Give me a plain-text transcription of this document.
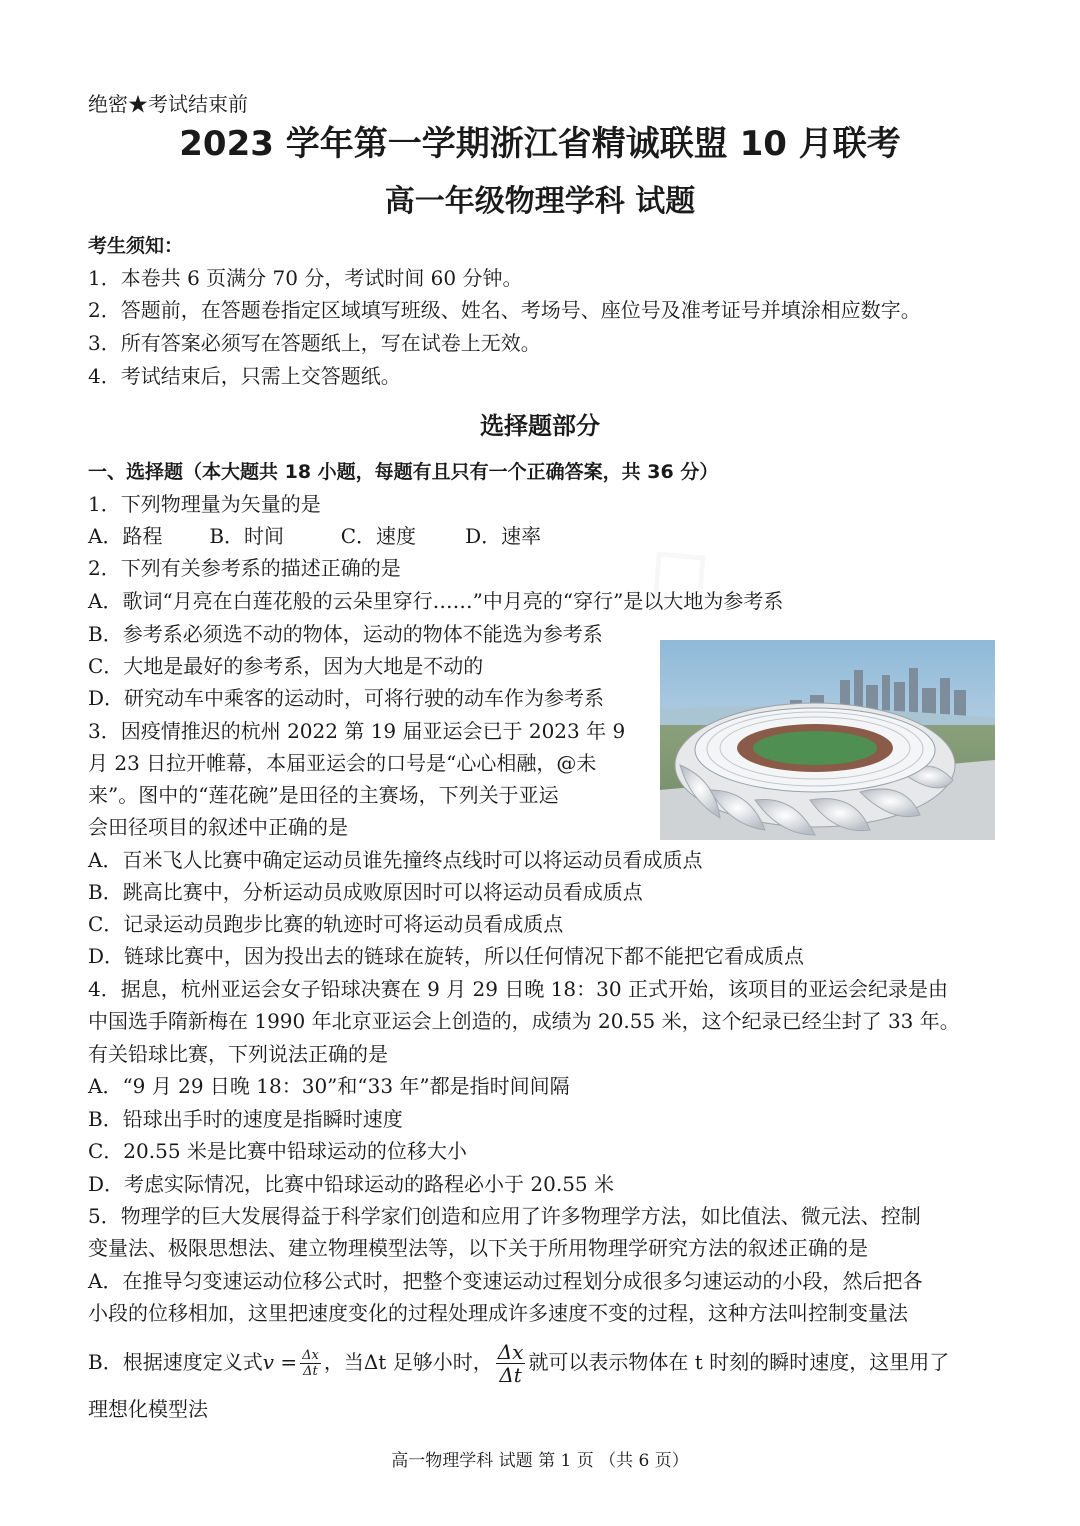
◇
绝密★考试结束前
2023 学年第一学期浙江省精诚联盟 10 月联考
高一年级物理学科 试题
考生须知：
1．本卷共 6 页满分 70 分，考试时间 60 分钟。
2．答题前，在答题卷指定区域填写班级、姓名、考场号、座位号及准考证号并填涂相应数字。
3．所有答案必须写在答题纸上，写在试卷上无效。
4．考试结束后，只需上交答题纸。
选择题部分
一、选择题（本大题共 18 小题，每题有且只有一个正确答案，共 36 分）
1．下列物理量为矢量的是
A．路程 B．时间	C．速度 D．速率
2．下列有关参考系的描述正确的是
A．歌词“月亮在白莲花般的云朵里穿行……”中月亮的“穿行”是以大地为参考系
B．参考系必须选不动的物体，运动的物体不能选为参考系
C．大地是最好的参考系，因为大地是不动的
D．研究动车中乘客的运动时，可将行驶的动车作为参考系
3．因疫情推迟的杭州 2022 第 19 届亚运会已于 2023 年 9
月 23 日拉开帷幕，本届亚运会的口号是“心心相融，@未
来”。图中的“莲花碗”是田径的主赛场，下列关于亚运
会田径项目的叙述中正确的是
A．百米飞人比赛中确定运动员谁先撞终点线时可以将运动员看成质点
B．跳高比赛中，分析运动员成败原因时可以将运动员看成质点
C．记录运动员跑步比赛的轨迹时可将运动员看成质点
D．链球比赛中，因为投出去的链球在旋转，所以任何情况下都不能把它看成质点
4．据息，杭州亚运会女子铅球决赛在 9 月 29 日晚 18：30 正式开始，该项目的亚运会纪录是由
中国选手隋新梅在 1990 年北京亚运会上创造的，成绩为 20.55 米，这个纪录已经尘封了 33 年。
有关铅球比赛，下列说法正确的是
A．“9 月 29 日晚 18：30”和“33 年”都是指时间间隔
B．铅球出手时的速度是指瞬时速度
C．20.55 米是比赛中铅球运动的位移大小
D．考虑实际情况，比赛中铅球运动的路程必小于 20.55 米
5．物理学的巨大发展得益于科学家们创造和应用了许多物理学方法，如比值法、微元法、控制
变量法、极限思想法、建立物理模型法等，以下关于所用物理学研究方法的叙述正确的是
A．在推导匀变速运动位移公式时，把整个变速运动过程划分成很多匀速运动的小段，然后把各
小段的位移相加，这里把速度变化的过程处理成许多速度不变的过程，这种方法叫控制变量法
B．根据速度定义式$v = \frac{\Delta x}{\Delta t}$ ，当Δt 足够小时， $\frac{\Delta x}{\Delta t}$ 就可以表示物体在 t 时刻的瞬时速度，这里用了
理想化模型法
高一物理学科 试题 第 1 页 （共 6 页）
